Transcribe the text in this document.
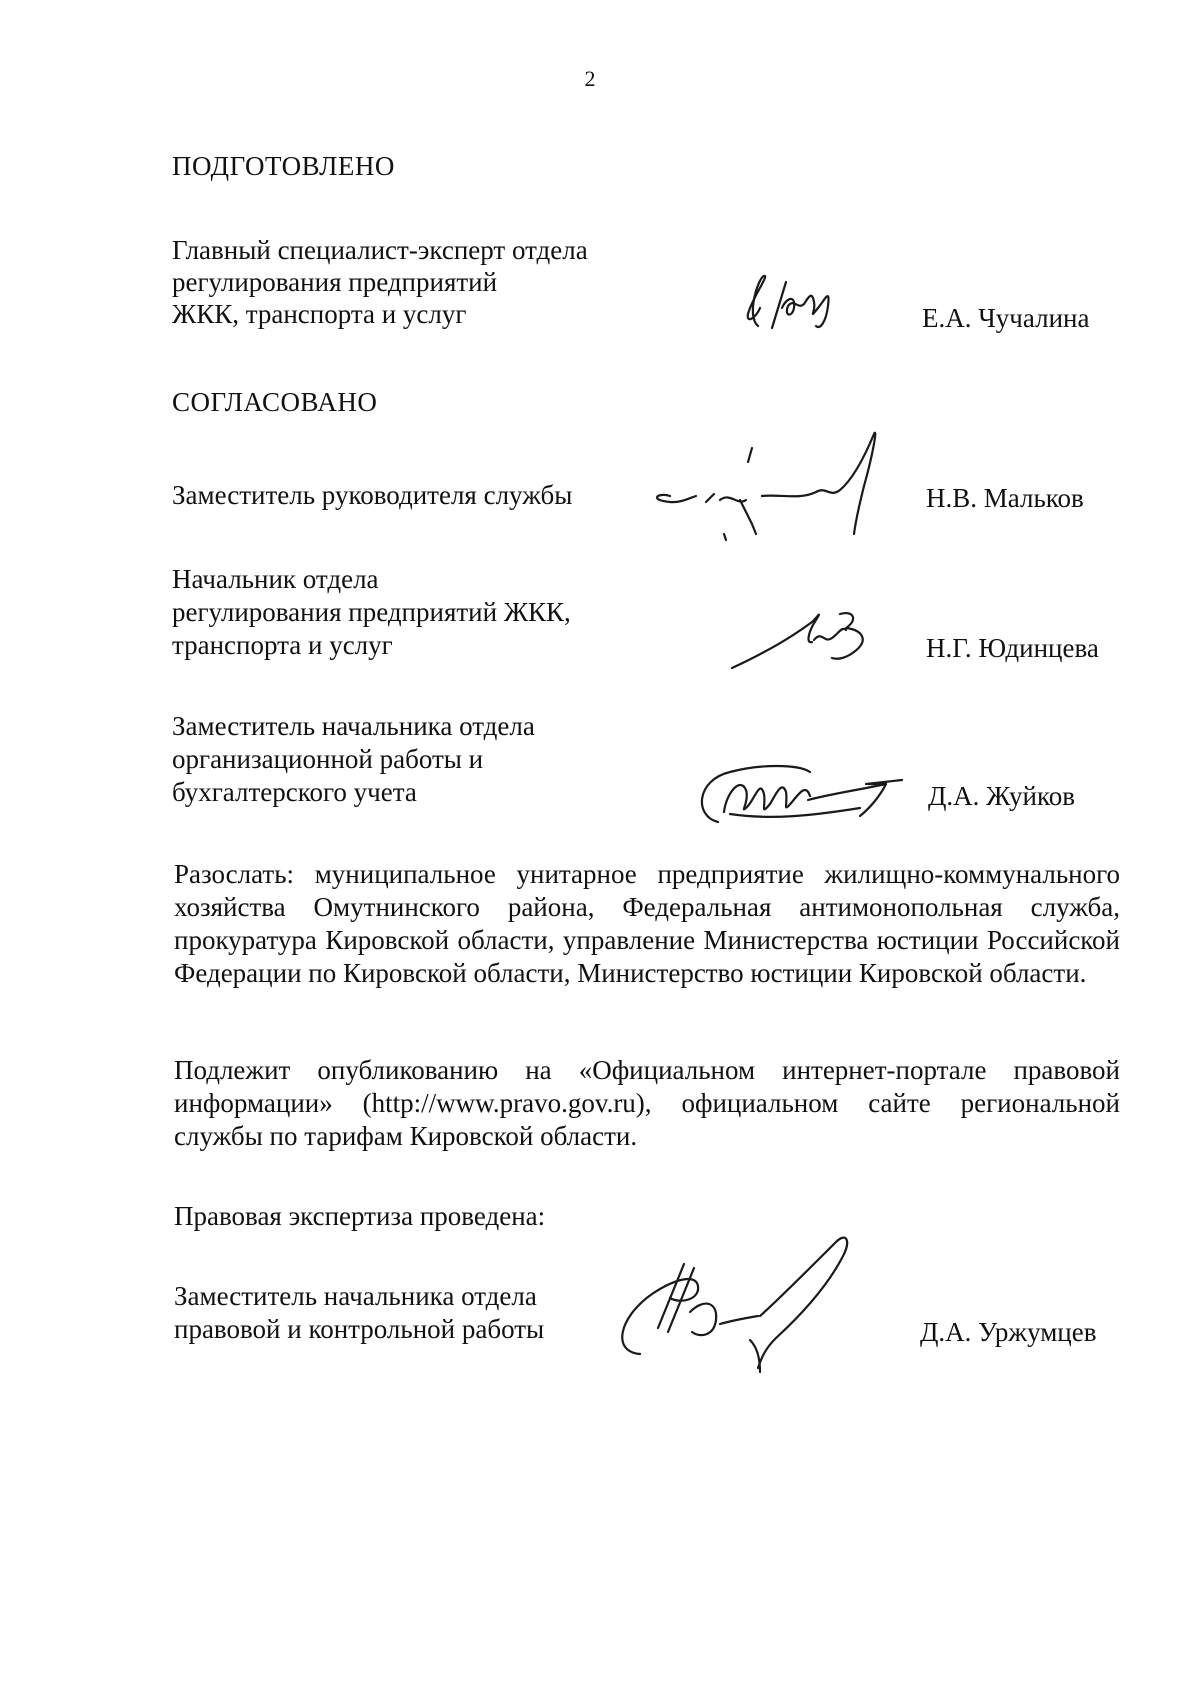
2
ПОДГОТОВЛЕНО
Главный специалист-эксперт отдела
регулирования предприятий
ЖКК, транспорта и услуг	Е.А. Чучалина
СОГЛАСОВАНО
Заместитель руководителя службы	Н.В. Мальков
Начальник отдела
регулирования предприятий ЖКК,
транспорта и услуг	Н.Г. Юдинцева
Заместитель начальника отдела
организационной работы и
бухгалтерского учета	Д.А. Жуйков
Разослать: муниципальное унитарное предприятие жилищно-коммунального хозяйства Омутнинского района, Федеральная антимонопольная служба, прокуратура Кировской области, управление Министерства юстиции Российской Федерации по Кировской области, Министерство юстиции Кировской области.
Подлежит опубликованию на «Официальном интернет-портале правовой информации» (http://www.pravo.gov.ru), официальном сайте региональной службы по тарифам Кировской области.
Правовая экспертиза проведена:
Заместитель начальника отдела
правовой и контрольной работы	Д.А. Уржумцев
